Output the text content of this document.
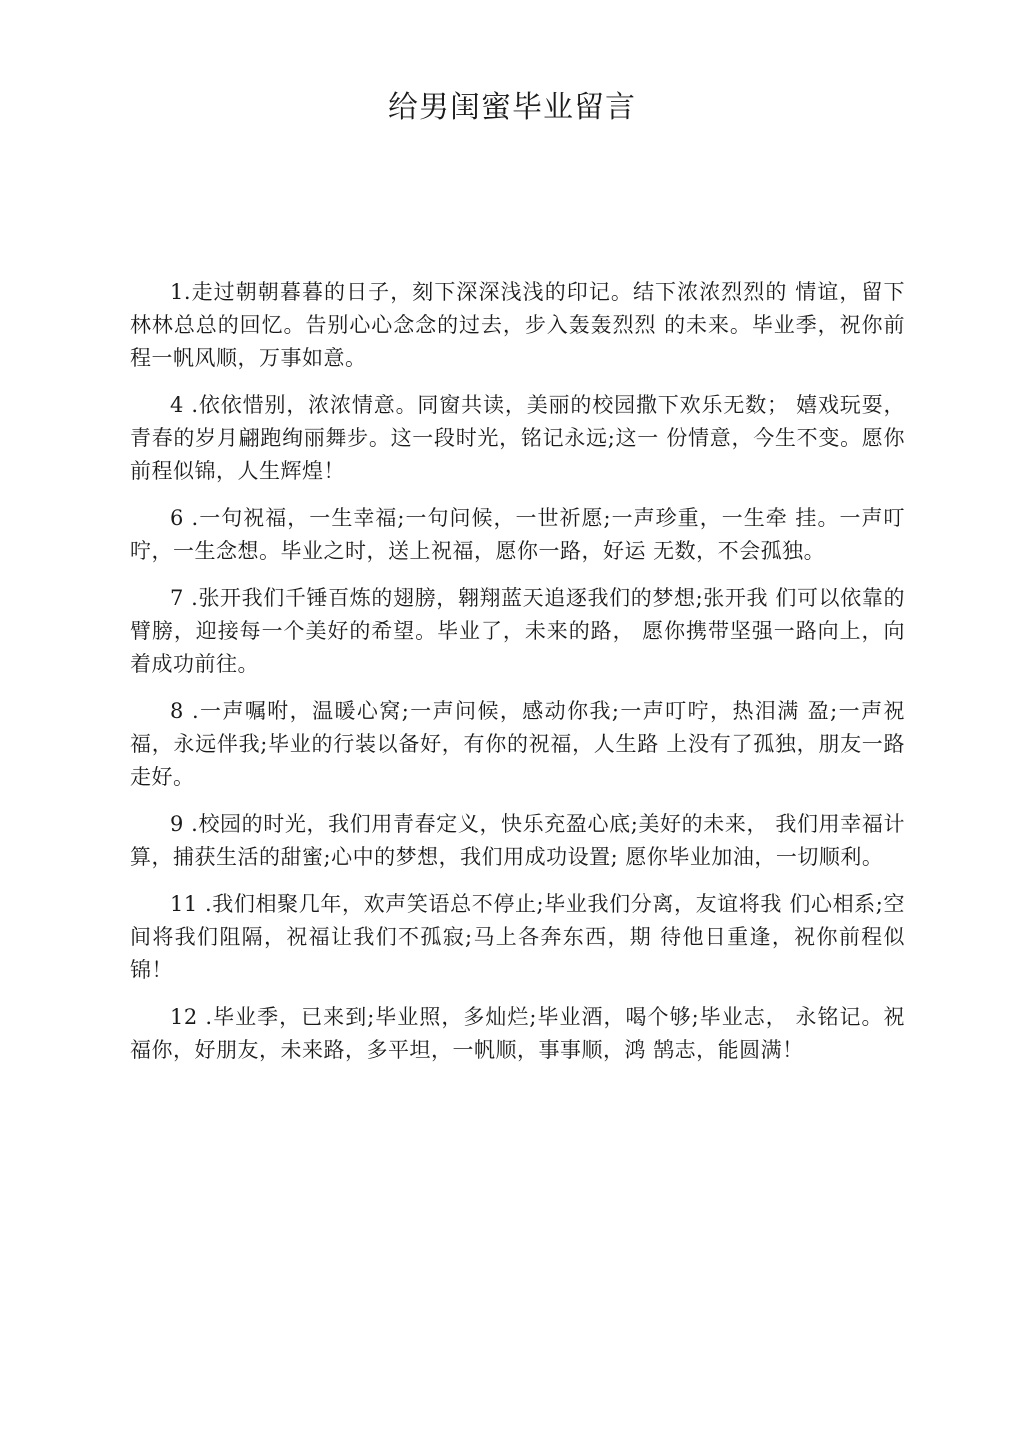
给男闺蜜毕业留言

1.走过朝朝暮暮的日子，刻下深深浅浅的印记。结下浓浓烈烈的 情谊，留下林林总总的回忆。告别心心念念的过去，步入轰轰烈烈 的未来。毕业季，祝你前程一帆风顺，万事如意。

4 .依依惜别，浓浓情意。同窗共读，美丽的校园撒下欢乐无数； 嬉戏玩耍，青春的岁月翩跑绚丽舞步。这一段时光，铭记永远;这一 份情意，今生不变。愿你前程似锦，人生辉煌！

6 .一句祝福，一生幸福;一句问候，一世祈愿;一声珍重，一生牵 挂。一声叮咛，一生念想。毕业之时，送上祝福，愿你一路，好运 无数，不会孤独。

7 .张开我们千锤百炼的翅膀，翱翔蓝天追逐我们的梦想;张开我 们可以依靠的臂膀，迎接每一个美好的希望。毕业了，未来的路， 愿你携带坚强一路向上，向着成功前往。

8 .一声嘱咐，温暖心窝;一声问候，感动你我;一声叮咛，热泪满 盈;一声祝福，永远伴我;毕业的行装以备好，有你的祝福，人生路 上没有了孤独，朋友一路走好。

9 .校园的时光，我们用青春定义，快乐充盈心底;美好的未来， 我们用幸福计算，捕获生活的甜蜜;心中的梦想，我们用成功设置; 愿你毕业加油，一切顺利。

11 .我们相聚几年，欢声笑语总不停止;毕业我们分离，友谊将我 们心相系;空间将我们阻隔，祝福让我们不孤寂;马上各奔东西，期 待他日重逢，祝你前程似锦！

12 .毕业季，已来到;毕业照，多灿烂;毕业酒，喝个够;毕业志， 永铭记。祝福你，好朋友，未来路，多平坦，一帆顺，事事顺，鸿 鹄志，能圆满！
